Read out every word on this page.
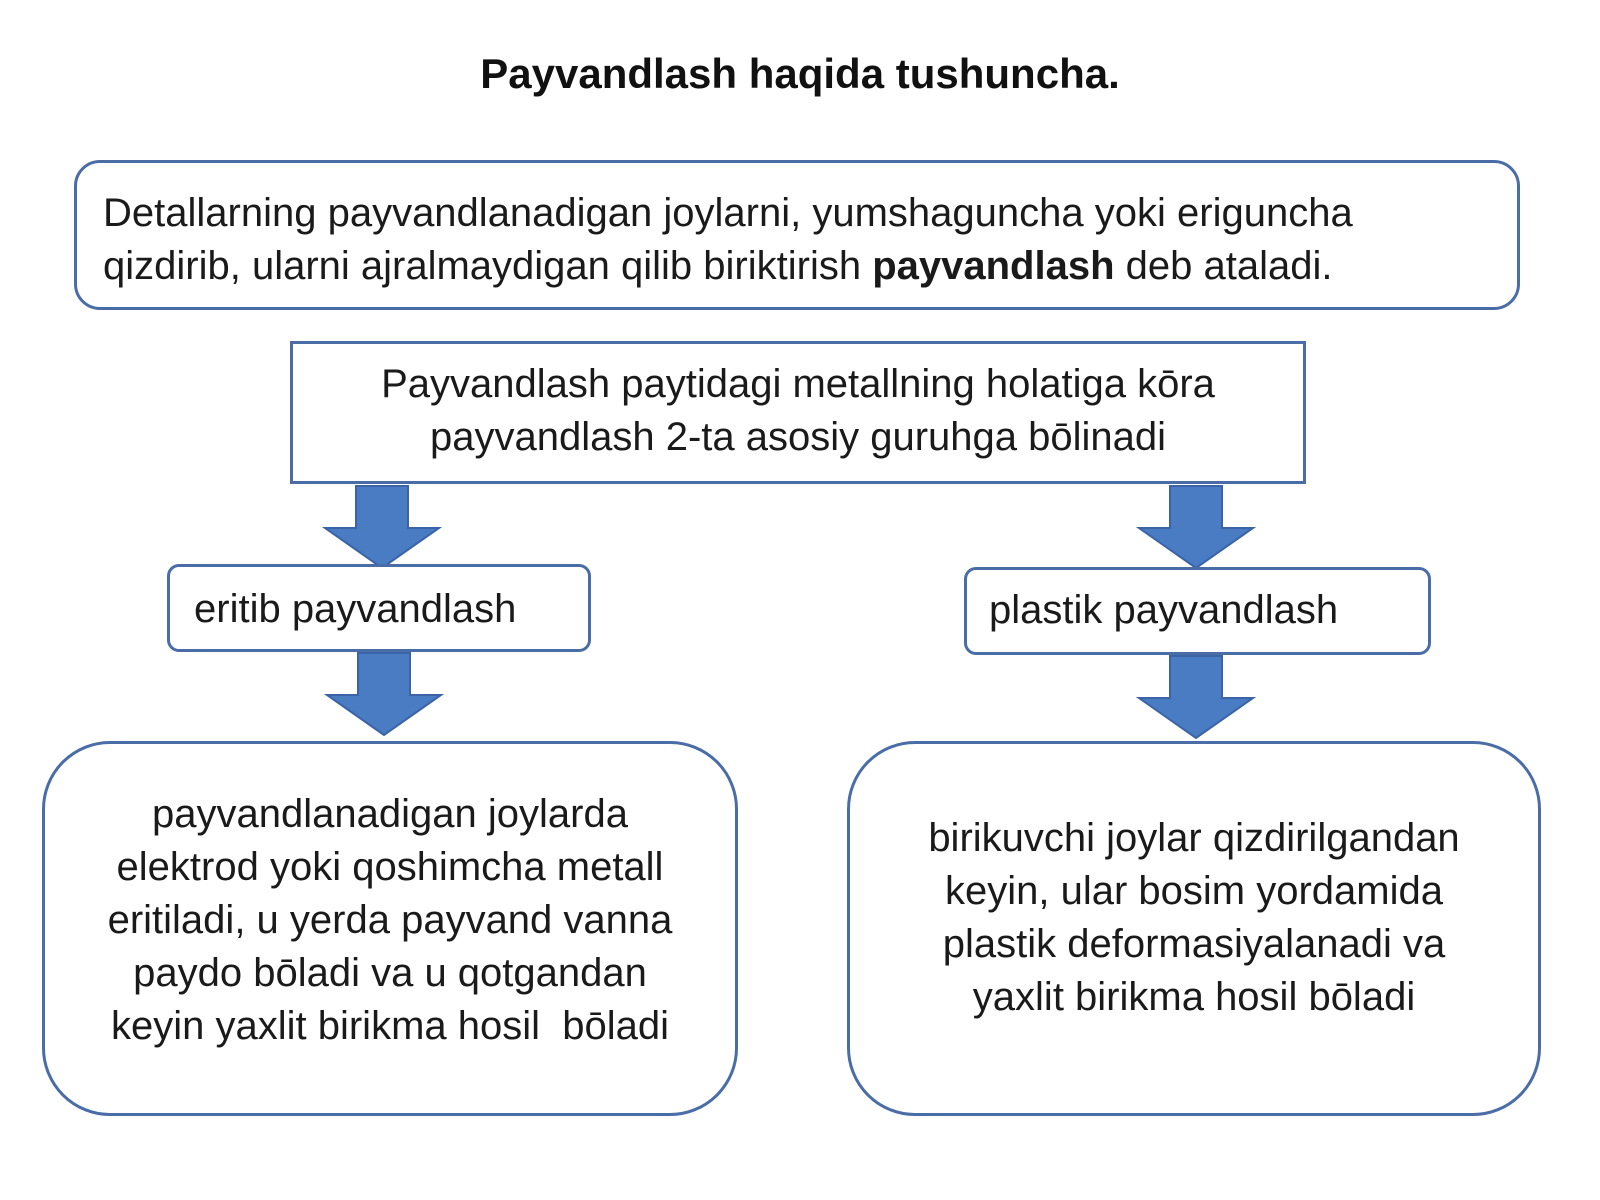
Payvandlash haqida tushuncha.
Detallarning payvandlanadigan joylarni, yumshaguncha yoki eriguncha
qizdirib, ularni ajralmaydigan qilib biriktirish payvandlash deb ataladi.
Payvandlash paytidagi metallning holatiga kōra
payvandlash 2-ta asosiy guruhga bōlinadi
eritib payvandlash	plastik payvandlash
payvandlanadigan joylarda
elektrod yoki qoshimcha metall
eritiladi, u yerda payvand vanna
paydo bōladi va u qotgandan
keyin yaxlit birikma hosil  bōladi
birikuvchi joylar qizdirilgandan
keyin, ular bosim yordamida
plastik deformasiyalanadi va
yaxlit birikma hosil bōladi
